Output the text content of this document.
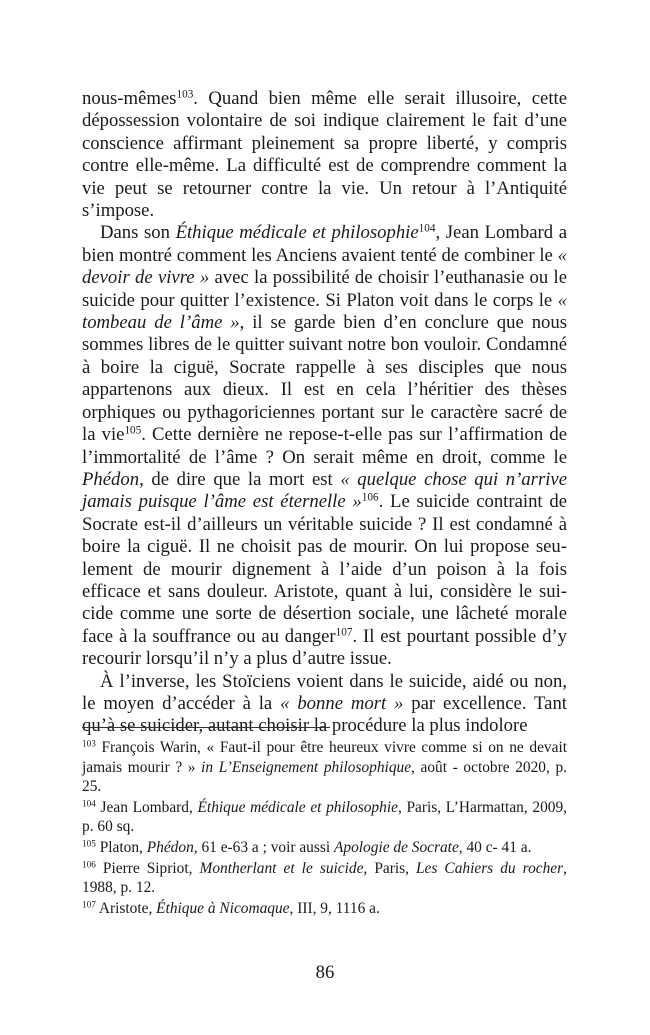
nous-mêmes$^{103}$. Quand bien même elle serait illusoire, cette dépossession volontaire de soi indique clairement le fait d’une conscience affirmant pleinement sa propre liberté, y compris contre elle-même. La difficulté est de comprendre comment la vie peut se retourner contre la vie. Un retour à l’Antiquité s’impose.

Dans son Éthique médicale et philosophie$^{104}$, Jean Lombard a bien montré comment les Anciens avaient tenté de combiner le « devoir de vivre » avec la possibilité de choisir l’euthanasie ou le suicide pour quitter l’existence. Si Platon voit dans le corps le « tombeau de l’âme », il se garde bien d’en conclure que nous sommes libres de le quitter suivant notre bon vouloir. Condamné à boire la ciguë, Socrate rappelle à ses disciples que nous appartenons aux dieux. Il est en cela l’héritier des thèses orphiques ou pythagoriciennes portant sur le caractère sacré de la vie$^{105}$. Cette dernière ne repose-t-elle pas sur l’affirmation de l’immortalité de l’âme ? On serait même en droit, comme le Phédon, de dire que la mort est « quelque chose qui n’arrive jamais puisque l’âme est éternelle »$^{106}$. Le suicide contraint de Socrate est-il d’ailleurs un véritable suicide ? Il est condamné à boire la ciguë. Il ne choisit pas de mourir. On lui propose seulement de mourir dignement à l’aide d’un poison à la fois efficace et sans douleur. Aristote, quant à lui, considère le suicide comme une sorte de désertion sociale, une lâcheté morale face à la souffrance ou au danger$^{107}$. Il est pourtant possible d’y recourir lorsqu’il n’y a plus d’autre issue.

À l’inverse, les Stoïciens voient dans le suicide, aidé ou non, le moyen d’accéder à la « bonne mort » par excellence. Tant qu’à se suicider, autant choisir la procédure la plus indolore

$^{103}$ François Warin, « Faut-il pour être heureux vivre comme si on ne devait jamais mourir ? » in L’Enseignement philosophique, août - octobre 2020, p. 25.

$^{104}$ Jean Lombard, Éthique médicale et philosophie, Paris, L’Harmattan, 2009, p. 60 sq.

$^{105}$ Platon, Phédon, 61 e-63 a ; voir aussi Apologie de Socrate, 40 c- 41 a.

$^{106}$ Pierre Sipriot, Montherlant et le suicide, Paris, Les Cahiers du rocher, 1988, p. 12.

$^{107}$ Aristote, Éthique à Nicomaque, III, 9, 1116 a.

86
